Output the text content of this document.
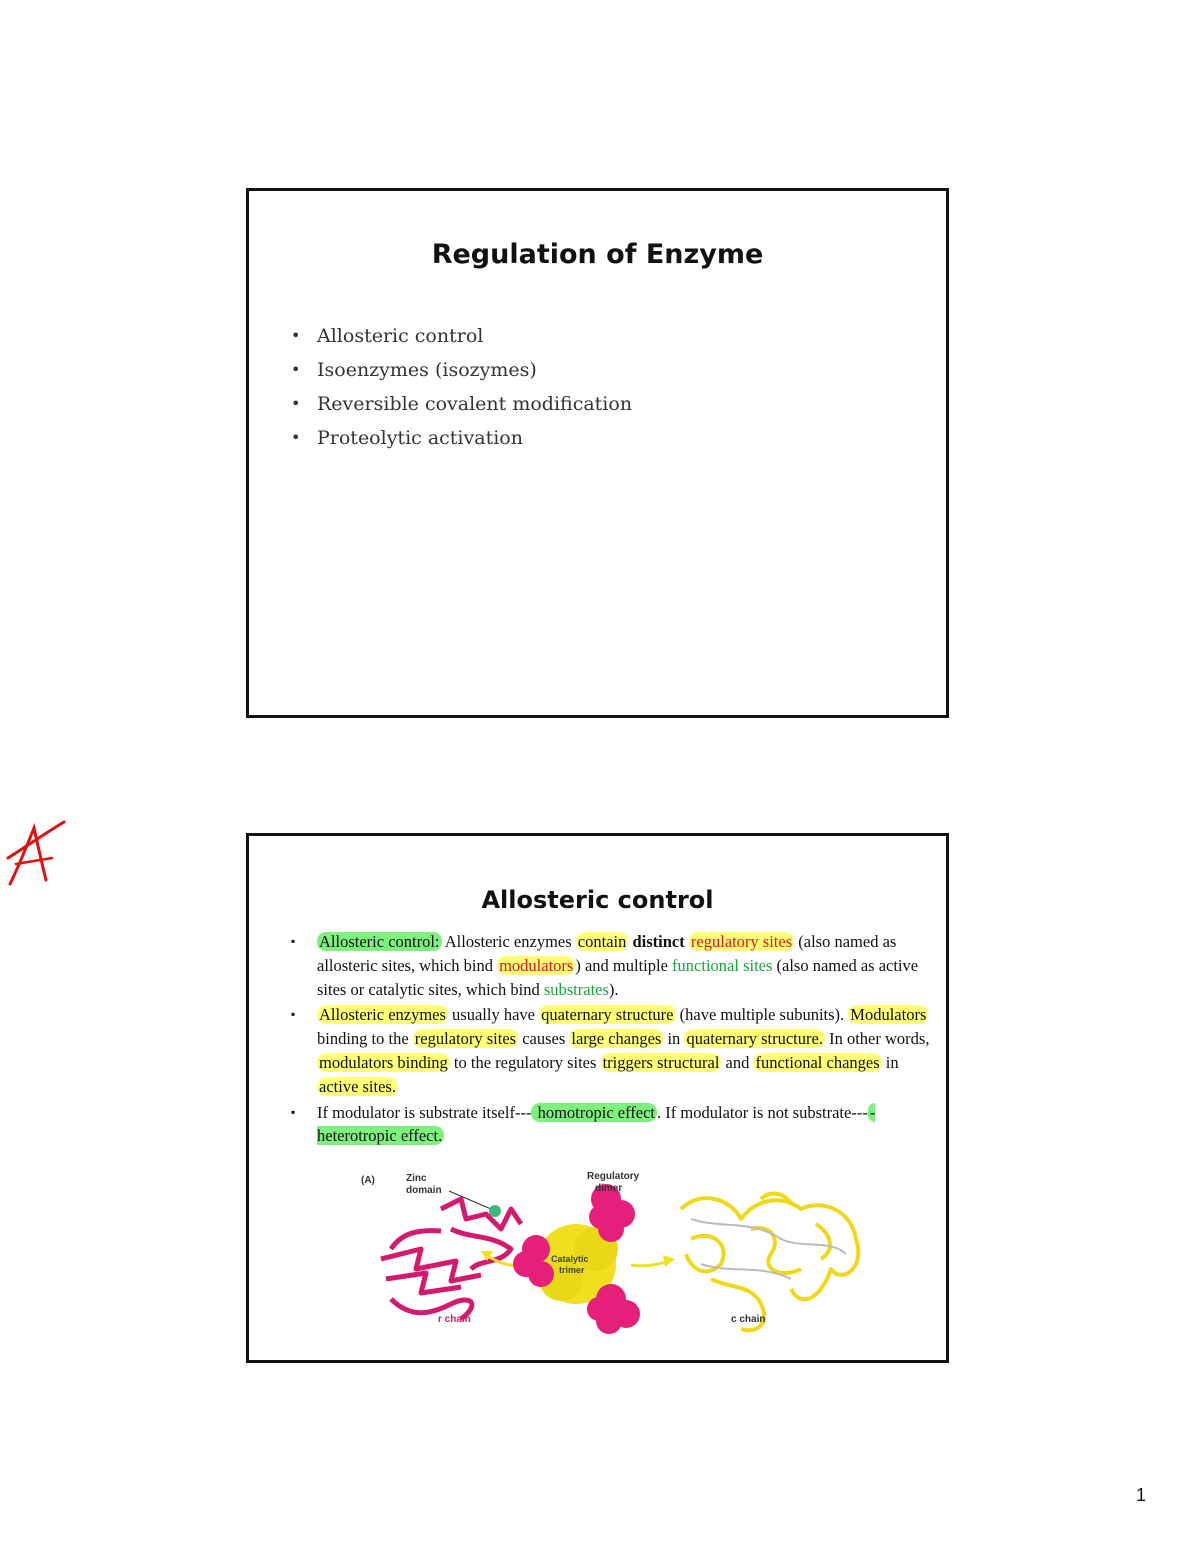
Regulation of Enzyme
• Allosteric control
• Isoenzymes (isozymes)
• Reversible covalent modification
• Proteolytic activation
Allosteric control
▪ Allosteric control: Allosteric enzymes contain distinct regulatory sites (also named as allosteric sites, which bind modulators ) and multiple functional sites (also named as active sites or catalytic sites, which bind substrates).
▪ Allosteric enzymes usually have quaternary structure (have multiple subunits). Modulators binding to the regulatory sites causes large changes in quaternary structure. In other words, modulators binding to the regulatory sites triggers structural and functional changes in active sites.
▪ If modulator is substrate itself--- homotropic effect . If modulator is not substrate--- -heterotropic effect.
(A)	Zinc
domain
r chain
Regulatory
dimer
Catalytic
trimer
c chain
1
